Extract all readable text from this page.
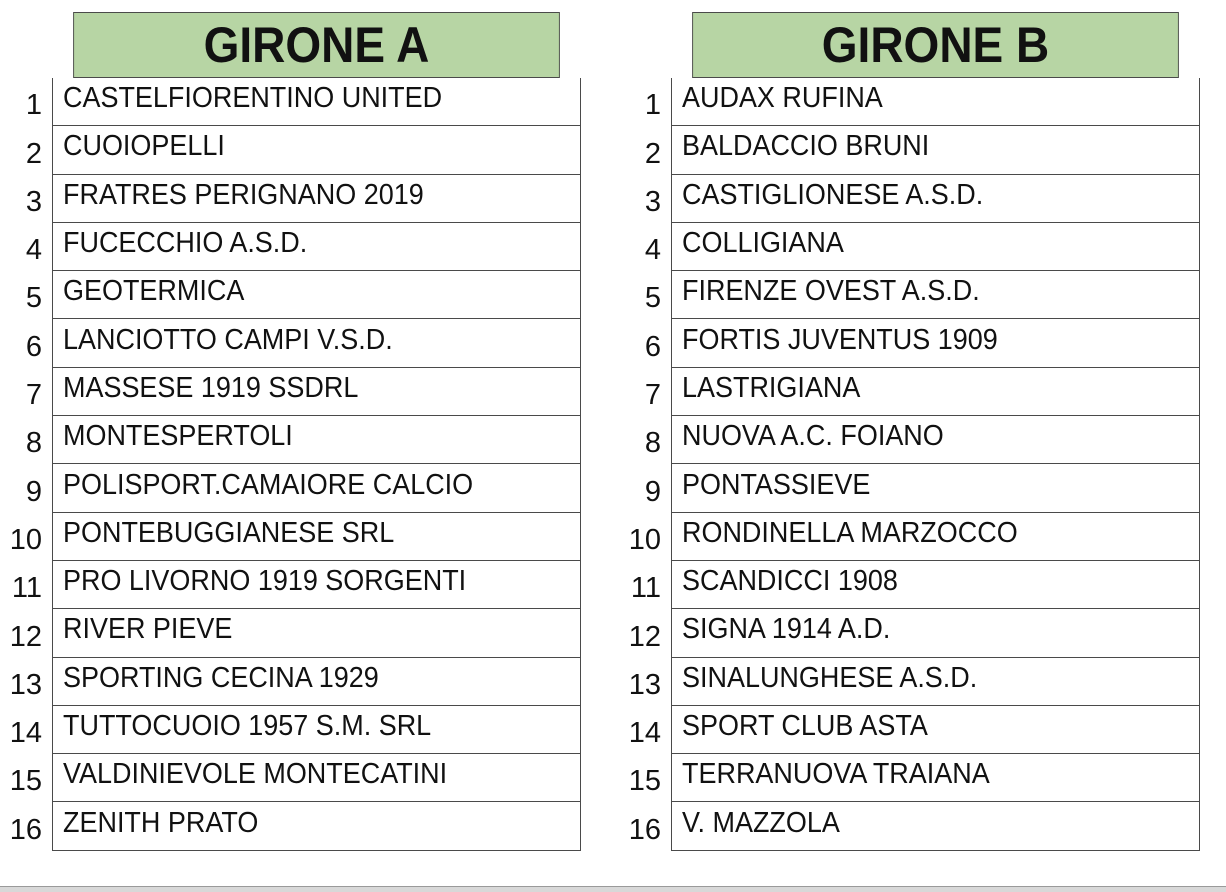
GIRONE A
1 CASTELFIORENTINO UNITED
2 CUOIOPELLI
3 FRATRES PERIGNANO 2019
4 FUCECCHIO A.S.D.
5 GEOTERMICA
6 LANCIOTTO CAMPI V.S.D.
7 MASSESE 1919 SSDRL
8 MONTESPERTOLI
9 POLISPORT.CAMAIORE CALCIO
10 PONTEBUGGIANESE SRL
11 PRO LIVORNO 1919 SORGENTI
12 RIVER PIEVE
13 SPORTING CECINA 1929
14 TUTTOCUOIO 1957 S.M. SRL
15 VALDINIEVOLE MONTECATINI
16 ZENITH PRATO
GIRONE B
1 AUDAX RUFINA
2 BALDACCIO BRUNI
3 CASTIGLIONESE A.S.D.
4 COLLIGIANA
5 FIRENZE OVEST A.S.D.
6 FORTIS JUVENTUS 1909
7 LASTRIGIANA
8 NUOVA A.C. FOIANO
9 PONTASSIEVE
10 RONDINELLA MARZOCCO
11 SCANDICCI 1908
12 SIGNA 1914 A.D.
13 SINALUNGHESE A.S.D.
14 SPORT CLUB ASTA
15 TERRANUOVA TRAIANA
16 V. MAZZOLA
